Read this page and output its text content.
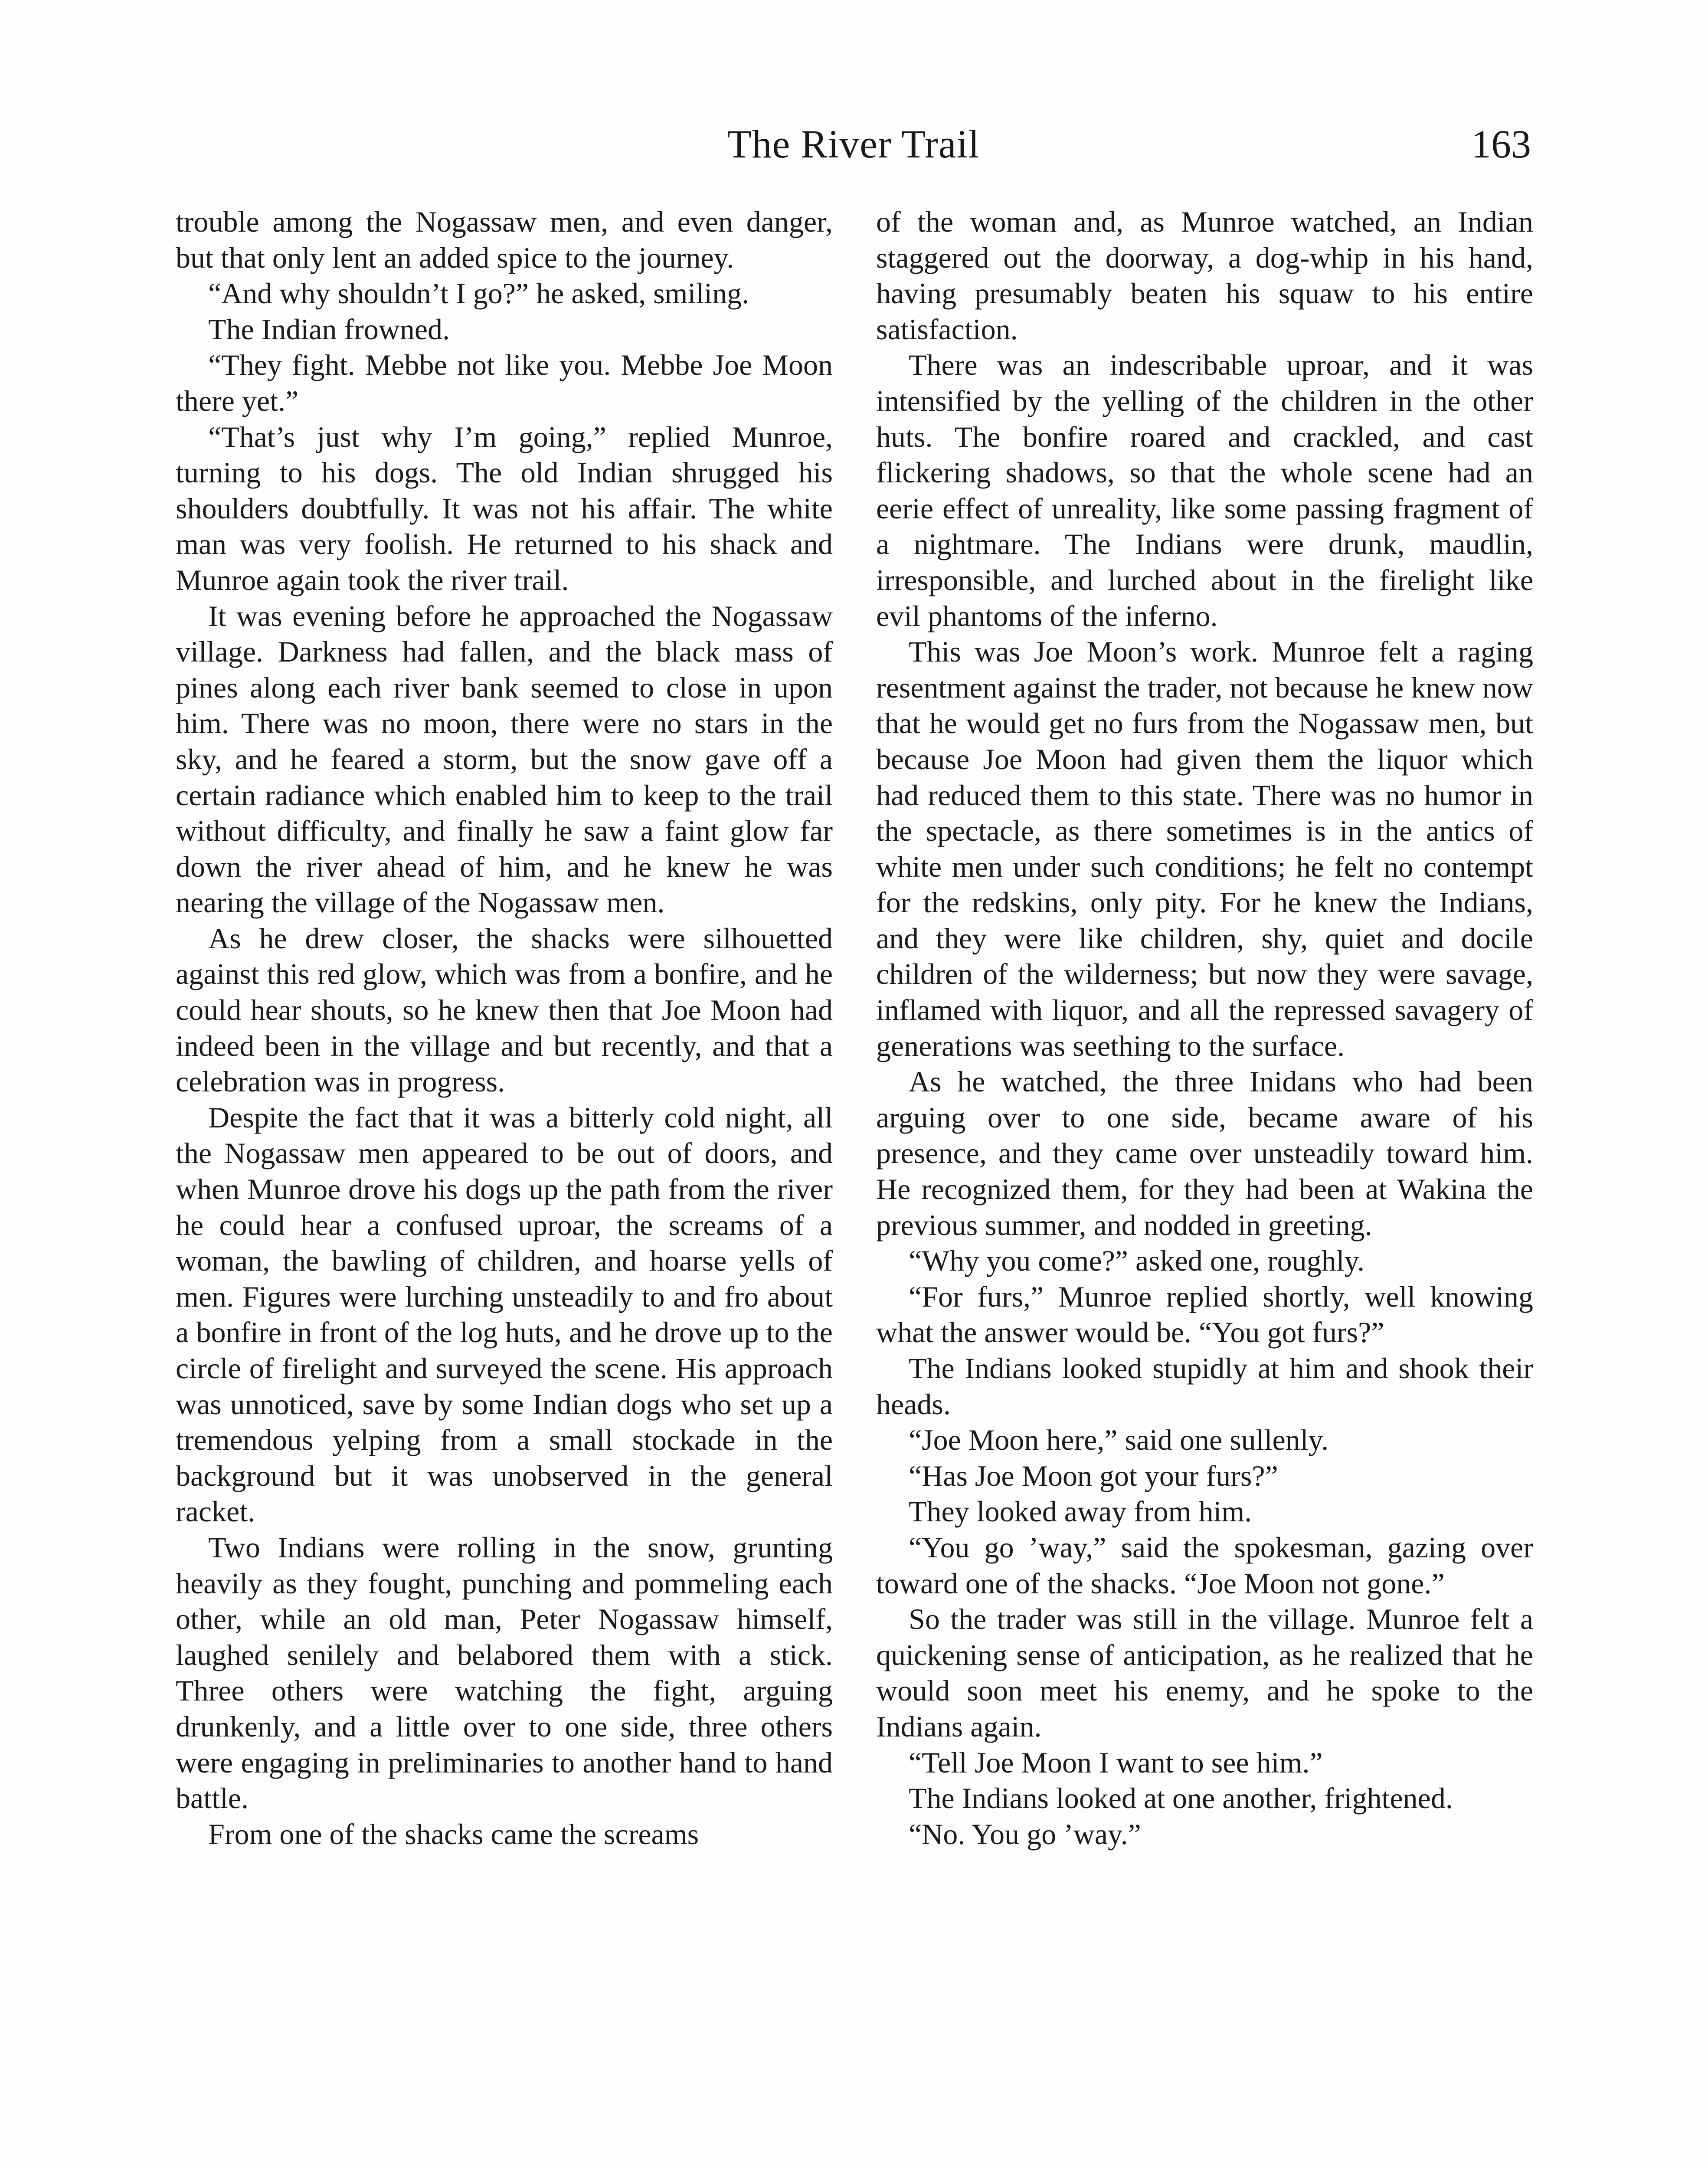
The River Trail	163

trouble among the Nogassaw men, and even danger, but that only lent an added spice to the journey.

“And why shouldn’t I go?” he asked, smiling.

The Indian frowned.

“They fight. Mebbe not like you. Mebbe Joe Moon there yet.”

“That’s just why I’m going,” replied Munroe, turning to his dogs. The old Indian shrugged his shoulders doubtfully. It was not his affair. The white man was very foolish. He returned to his shack and Munroe again took the river trail.

It was evening before he approached the Nogassaw village. Darkness had fallen, and the black mass of pines along each river bank seemed to close in upon him. There was no moon, there were no stars in the sky, and he feared a storm, but the snow gave off a certain radiance which enabled him to keep to the trail without difficulty, and finally he saw a faint glow far down the river ahead of him, and he knew he was nearing the village of the Nogassaw men.

As he drew closer, the shacks were silhouetted against this red glow, which was from a bonfire, and he could hear shouts, so he knew then that Joe Moon had indeed been in the village and but recently, and that a celebration was in progress.

Despite the fact that it was a bitterly cold night, all the Nogassaw men appeared to be out of doors, and when Munroe drove his dogs up the path from the river he could hear a confused uproar, the screams of a woman, the bawling of children, and hoarse yells of men. Figures were lurching unsteadily to and fro about a bonfire in front of the log huts, and he drove up to the circle of firelight and surveyed the scene. His approach was unnoticed, save by some Indian dogs who set up a tremendous yelping from a small stockade in the background but it was unobserved in the general racket.

Two Indians were rolling in the snow, grunting heavily as they fought, punching and pommeling each other, while an old man, Peter Nogassaw himself, laughed senilely and belabored them with a stick. Three others were watching the fight, arguing drunkenly, and a little over to one side, three others were engaging in preliminaries to another hand to hand battle.

From one of the shacks came the screams

of the woman and, as Munroe watched, an Indian staggered out the doorway, a dog-whip in his hand, having presumably beaten his squaw to his entire satisfaction.

There was an indescribable uproar, and it was intensified by the yelling of the children in the other huts. The bonfire roared and crackled, and cast flickering shadows, so that the whole scene had an eerie effect of unreality, like some passing fragment of a nightmare. The Indians were drunk, maudlin, irresponsible, and lurched about in the firelight like evil phantoms of the inferno.

This was Joe Moon’s work. Munroe felt a raging resentment against the trader, not because he knew now that he would get no furs from the Nogassaw men, but because Joe Moon had given them the liquor which had reduced them to this state. There was no humor in the spectacle, as there sometimes is in the antics of white men under such conditions; he felt no contempt for the redskins, only pity. For he knew the Indians, and they were like children, shy, quiet and docile children of the wilderness; but now they were savage, inflamed with liquor, and all the repressed savagery of generations was seething to the surface.

As he watched, the three Inidans who had been arguing over to one side, became aware of his presence, and they came over unsteadily toward him. He recognized them, for they had been at Wakina the previous summer, and nodded in greeting.

“Why you come?” asked one, roughly.

“For furs,” Munroe replied shortly, well knowing what the answer would be. “You got furs?”

The Indians looked stupidly at him and shook their heads.

“Joe Moon here,” said one sullenly.

“Has Joe Moon got your furs?”

They looked away from him.

“You go ’way,” said the spokesman, gazing over toward one of the shacks. “Joe Moon not gone.”

So the trader was still in the village. Munroe felt a quickening sense of anticipation, as he realized that he would soon meet his enemy, and he spoke to the Indians again.

“Tell Joe Moon I want to see him.”

The Indians looked at one another, frightened.

“No. You go ’way.”
